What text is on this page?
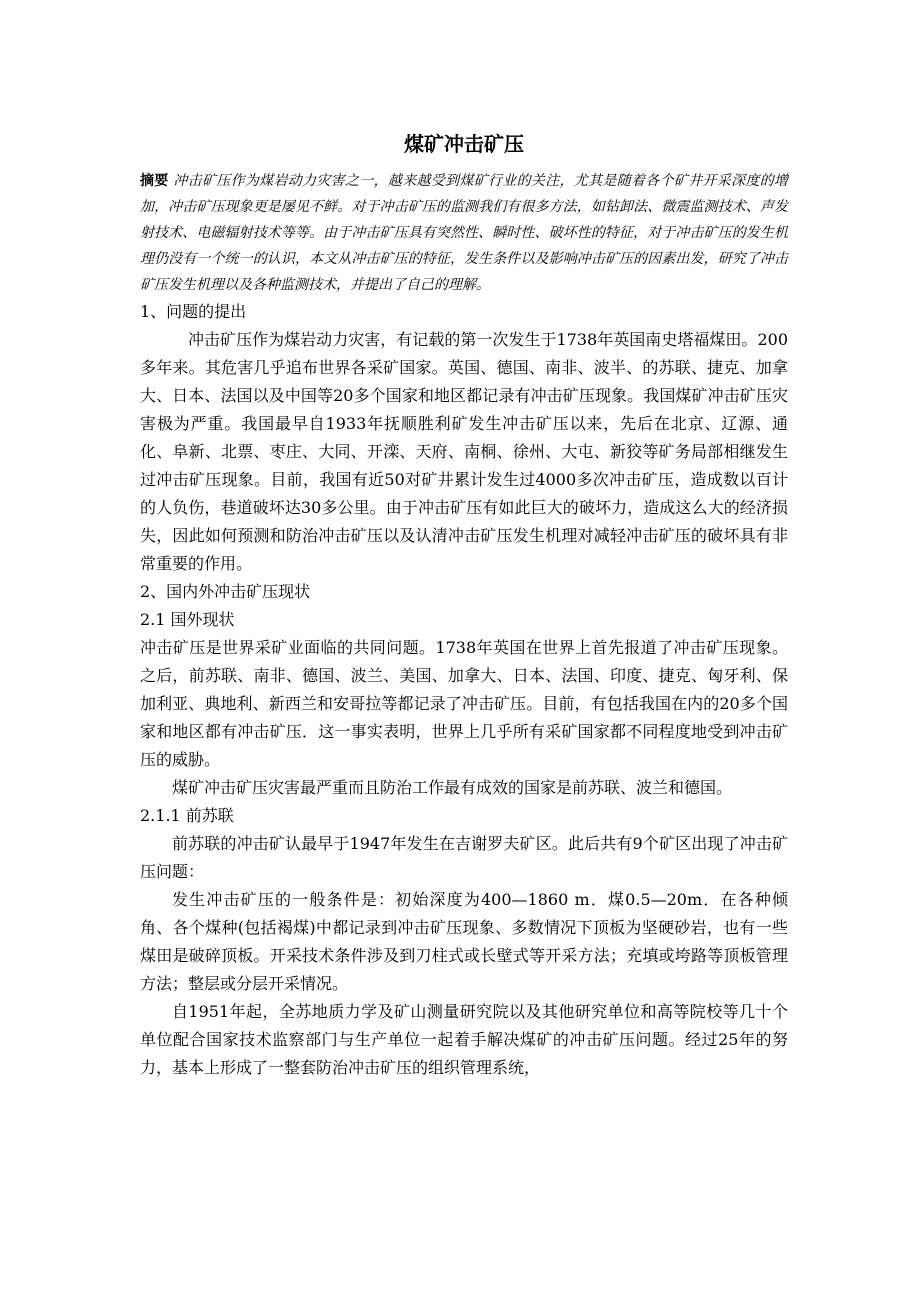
煤矿冲击矿压

摘要 冲击矿压作为煤岩动力灾害之一，越来越受到煤矿行业的关注，尤其是随着各个矿井开采深度的增加，冲击矿压现象更是屡见不鲜。对于冲击矿压的监测我们有很多方法，如钻卸法、微震监测技术、声发射技术、电磁辐射技术等等。由于冲击矿压具有突然性、瞬时性、破坏性的特征，对于冲击矿压的发生机理仍没有一个统一的认识，本文从冲击矿压的特征，发生条件以及影响冲击矿压的因素出发，研究了冲击矿压发生机理以及各种监测技术，并提出了自己的理解。

1、问题的提出

冲击矿压作为煤岩动力灾害，有记载的第一次发生于1738年英国南史塔福煤田。200多年来。其危害几乎追布世界各采矿国家。英国、德国、南非、波半、的苏联、捷克、加拿大、日本、法国以及中国等20多个国家和地区都记录有冲击矿压现象。我国煤矿冲击矿压灾害极为严重。我国最早自1933年抚顺胜利矿发生冲击矿压以来，先后在北京、辽源、通化、阜新、北票、枣庄、大同、开滦、天府、南桐、徐州、大屯、新狡等矿务局部相继发生过冲击矿压现象。目前，我国有近50对矿井累计发生过4000多次冲击矿压，造成数以百计的人负伤，巷道破坏达30多公里。由于冲击矿压有如此巨大的破坏力，造成这么大的经济损失，因此如何预测和防治冲击矿压以及认清冲击矿压发生机理对减轻冲击矿压的破坏具有非常重要的作用。

2、国内外冲击矿压现状

2.1 国外现状

冲击矿压是世界采矿业面临的共同问题。1738年英国在世界上首先报道了冲击矿压现象。之后，前苏联、南非、德国、波兰、美国、加拿大、日本、法国、印度、捷克、匈牙利、保加利亚、典地利、新西兰和安哥拉等都记录了冲击矿压。目前，有包括我国在内的20多个国家和地区都有冲击矿压．这一事实表明，世界上几乎所有采矿国家都不同程度地受到冲击矿压的威胁。

煤矿冲击矿压灾害最严重而且防治工作最有成效的国家是前苏联、波兰和德国。

2.1.1 前苏联

前苏联的冲击矿认最早于1947年发生在吉谢罗夫矿区。此后共有9个矿区出现了冲击矿压问题：

发生冲击矿压的一般条件是：初始深度为400—1860 m．煤0.5—20m．在各种倾角、各个煤种(包括褐煤)中都记录到冲击矿压现象、多数情况下顶板为坚硬砂岩，也有一些煤田是破碎顶板。开采技术条件涉及到刀柱式或长壁式等开采方法；充填或垮路等顶板管理方法；整层或分层开采情况。

自1951年起，全苏地质力学及矿山测量研究院以及其他研究单位和高等院校等几十个单位配合国家技术监察部门与生产单位一起着手解决煤矿的冲击矿压问题。经过25年的努力，基本上形成了一整套防治冲击矿压的组织管理系统，
